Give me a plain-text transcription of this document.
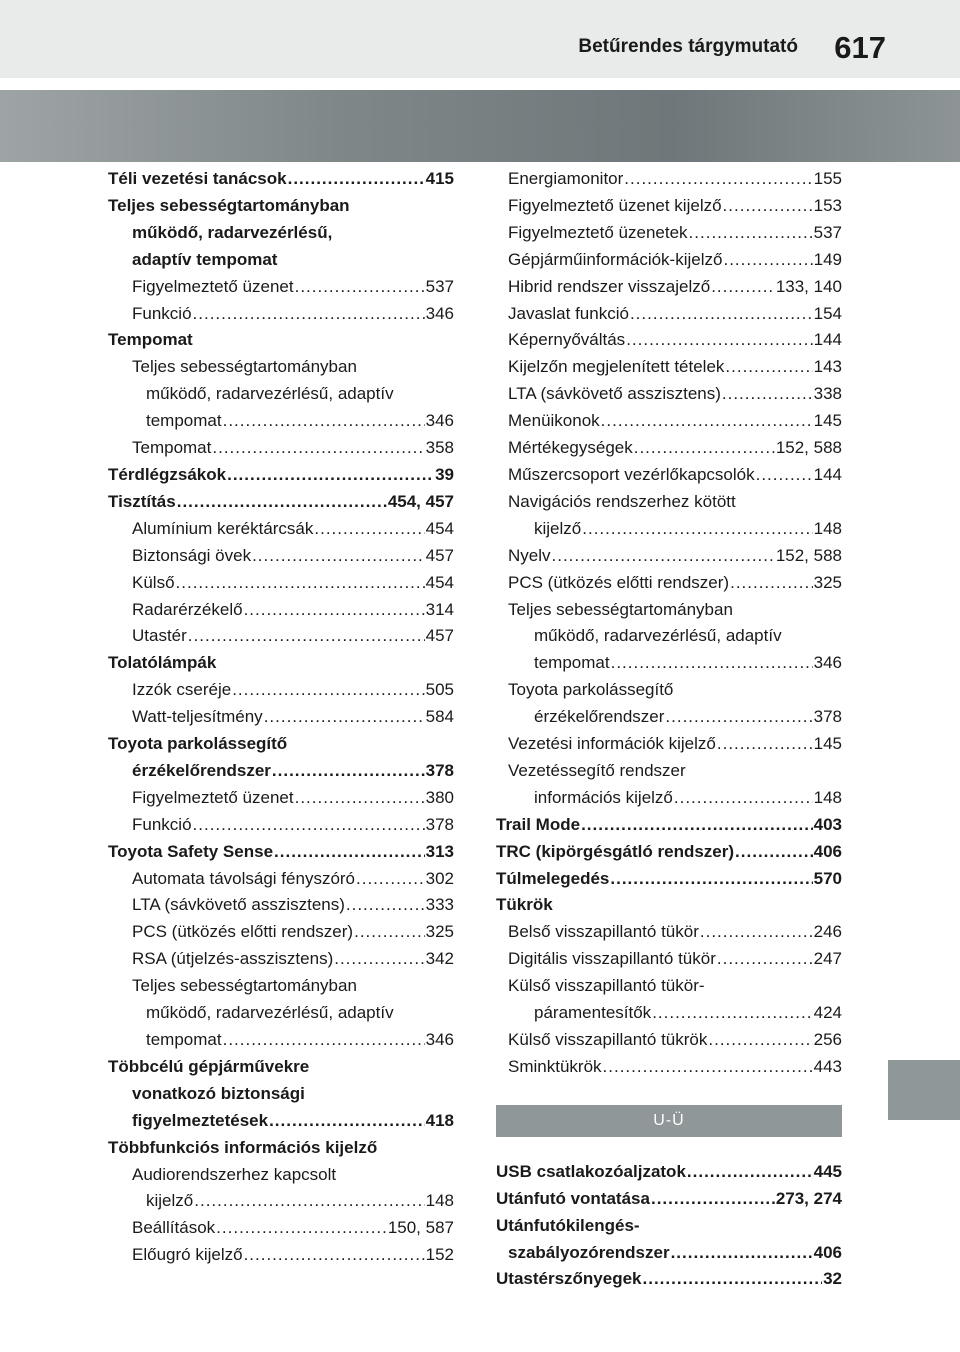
Betűrendes tárgymutató 617
Téli vezetési tanácsok .....	415
Teljes sebességtartományban
működő, radarvezérlésű,
adaptív tempomat
Figyelmeztető üzenet .....	537
Funkció .....	346
Tempomat
Teljes sebességtartományban
működő, radarvezérlésű, adaptív
tempomat .....	346
Tempomat .....	358
Térdlégzsákok .....	39
Tisztítás .....	454, 457
Alumínium keréktárcsák .....	454
Biztonsági övek .....	457
Külső .....	454
Radarérzékelő .....	314
Utastér .....	457
Tolatólámpák
Izzók cseréje .....	505
Watt-teljesítmény .....	584
Toyota parkolássegítő
érzékelőrendszer .....	378
Figyelmeztető üzenet .....	380
Funkció .....	378
Toyota Safety Sense .....	313
Automata távolsági fényszóró .....	302
LTA (sávkövető asszisztens) .....	333
PCS (ütközés előtti rendszer) .....	325
RSA (útjelzés-asszisztens) .....	342
Teljes sebességtartományban
működő, radarvezérlésű, adaptív
tempomat .....	346
Többcélú gépjárművekre
vonatkozó biztonsági
figyelmeztetések .....	418
Többfunkciós információs kijelző
Audiorendszerhez kapcsolt
kijelző .....	148
Beállítások .....	150, 587
Előugró kijelző .....	152
Energiamonitor .....	155
Figyelmeztető üzenet kijelző .....	153
Figyelmeztető üzenetek .....	537
Gépjárműinformációk-kijelző .....	149
Hibrid rendszer visszajelző .....	133, 140
Javaslat funkció .....	154
Képernyőváltás .....	144
Kijelzőn megjelenített tételek .....	143
LTA (sávkövető asszisztens) .....	338
Menüikonok .....	145
Mértékegységek .....	152, 588
Műszercsoport vezérlőkapcsolók .....	144
Navigációs rendszerhez kötött
kijelző .....	148
Nyelv .....	152, 588
PCS (ütközés előtti rendszer) .....	325
Teljes sebességtartományban
működő, radarvezérlésű, adaptív
tempomat .....	346
Toyota parkolássegítő
érzékelőrendszer .....	378
Vezetési információk kijelző .....	145
Vezetéssegítő rendszer
információs kijelző .....	148
Trail Mode .....	403
TRC (kipörgésgátló rendszer) .....	406
Túlmelegedés .....	570
Tükrök
Belső visszapillantó tükör .....	246
Digitális visszapillantó tükör .....	247
Külső visszapillantó tükör-
páramentesítők .....	424
Külső visszapillantó tükrök .....	256
Sminktükrök .....	443
U-Ü
USB csatlakozóaljzatok .....	445
Utánfutó vontatása .....	273, 274
Utánfutókilengés-
szabályozórendszer .....	406
Utastérszőnyegek .....	32
